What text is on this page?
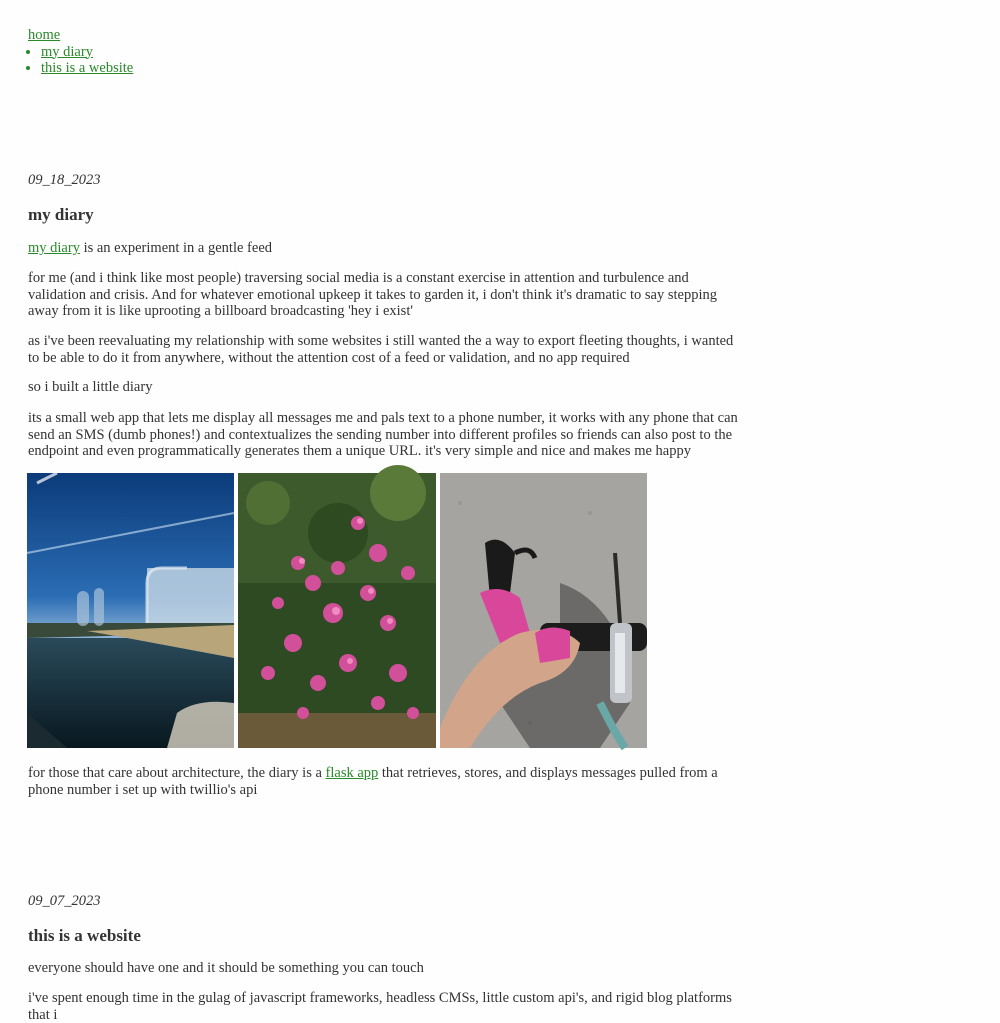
home
• my diary
• this is a website
09_18_2023
my diary

my diary is an experiment in a gentle feed

for me (and i think like most people) traversing social media is a constant exercise in attention and turbulence and validation and crisis. And for whatever emotional upkeep it takes to garden it, i don't think it's dramatic to say stepping away from it is like uprooting a billboard broadcasting 'hey i exist'

as i've been reevaluating my relationship with some websites i still wanted the a way to export fleeting thoughts, i wanted to be able to do it from anywhere, without the attention cost of a feed or validation, and no app required

so i built a little diary

its a small web app that lets me display all messages me and pals text to a phone number, it works with any phone that can send an SMS (dumb phones!) and contextualizes the sending number into different profiles so friends can also post to the endpoint and even programmatically generates them a unique URL. it's very simple and nice and makes me happy

for those that care about architecture, the diary is a flask app that retrieves, stores, and displays messages pulled from a phone number i set up with twillio's api

09_07_2023
this is a website

everyone should have one and it should be something you can touch

i've spent enough time in the gulag of javascript frameworks, headless CMSs, little custom api's, and rigid blog platforms that i
